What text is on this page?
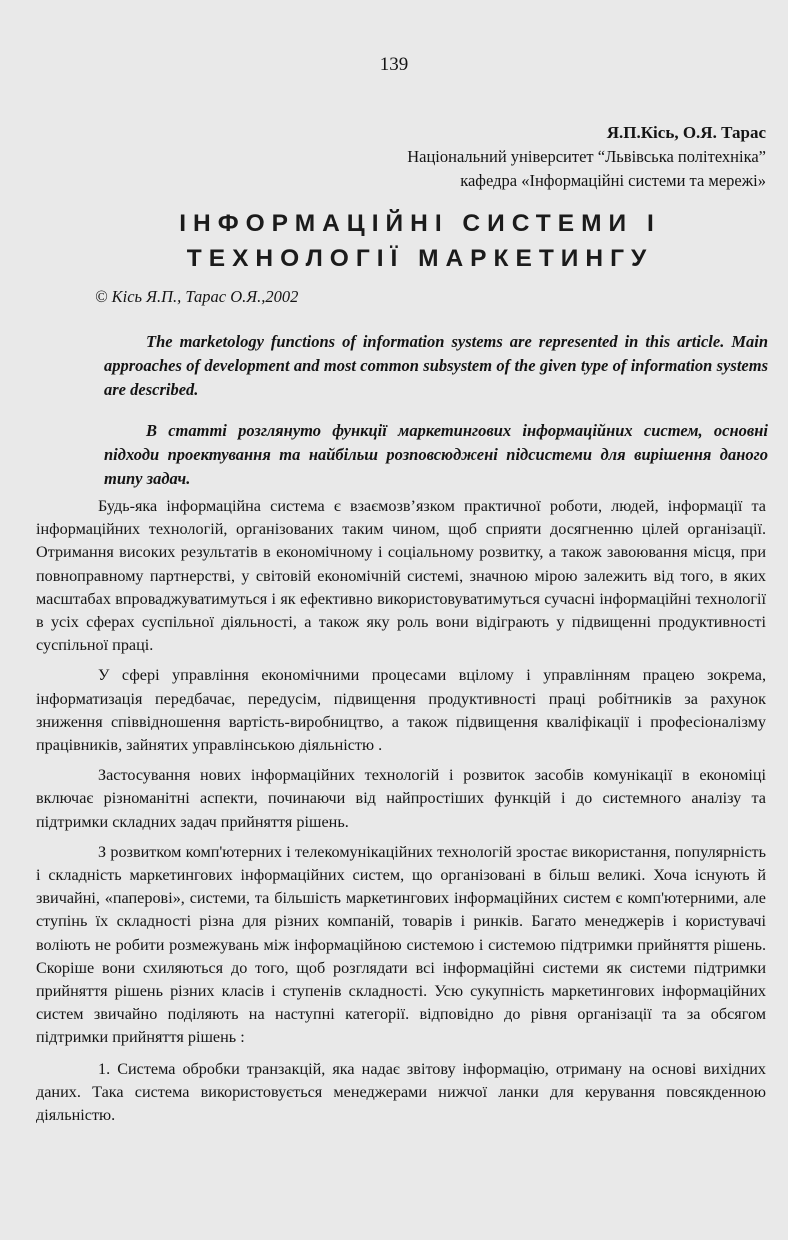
139
Я.П.Кісь, О.Я. Тарас
Національний університет “Львівська політехніка”
кафедра «Інформаційні системи та мережі»
ІНФОРМАЦІЙНІ СИСТЕМИ І
ТЕХНОЛОГІЇ МАРКЕТИНГУ
© Кісь Я.П., Тарас О.Я.,2002
The marketology functions of information systems are represented in this article. Main approaches of development and most common subsystem of the given type of information systems are described.
В статті розглянуто функції маркетингових інформаційних систем, основні підходи проектування та найбільш розповсюджені підсистеми для вирішення даного типу задач.

Будь-яка інформаційна система є взаємозв’язком практичної роботи, людей, інформації та інформаційних технологій, організованих таким чином, щоб сприяти досягненню цілей організації. Отримання високих результатів в економічному і соціальному розвитку, а також завоювання місця, при повноправному партнерстві, у світовій економічній системі, значною мірою залежить від того, в яких масштабах впроваджуватимуться і як ефективно використовуватимуться сучасні інформаційні технології в усіх сферах суспільної діяльності, а також яку роль вони відіграють у підвищенні продуктивності суспільної праці.

У сфері управління економічними процесами вцілому і управлінням працею зокрема, інформатизація передбачає, передусім, підвищення продуктивності праці робітників за рахунок зниження співвідношення вартість-виробництво, а також підвищення кваліфікації і професіоналізму працівників, зайнятих управлінською діяльністю .

Застосування нових інформаційних технологій і розвиток засобів комунікації в економіці включає різноманітні аспекти, починаючи від найпростіших функцій і до системного аналізу та підтримки складних задач прийняття рішень.

З розвитком комп'ютерних і телекомунікаційних технологій зростає використання, популярність і складність маркетингових інформаційних систем, що організовані в більш великі. Хоча існують й звичайні, «паперові», системи, та більшість маркетингових інформаційних систем є комп'ютерними, але ступінь їх складності різна для різних компаній, товарів і ринків. Багато менеджерів і користувачі воліють не робити розмежувань між інформаційною системою і системою підтримки прийняття рішень. Скоріше вони схиляються до того, щоб розглядати всі інформаційні системи як системи підтримки прийняття рішень різних класів і ступенів складності. Усю сукупність маркетингових інформаційних систем звичайно поділяють на наступні категорії. відповідно до рівня організації та за обсягом підтримки прийняття рішень :

1. Система обробки транзакцій, яка надає звітову інформацію, отриману на основі вихідних даних. Така система використовується менеджерами нижчої ланки для керування повсякденною діяльністю.
